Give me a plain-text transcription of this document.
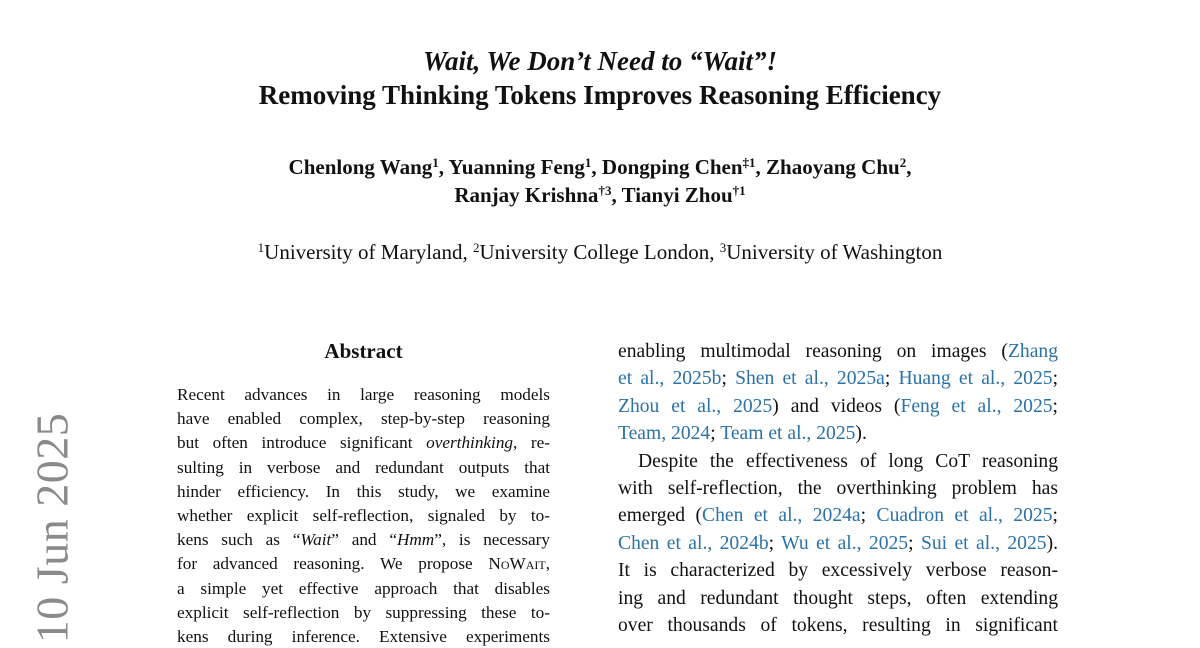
10 Jun 2025
Wait, We Don’t Need to “Wait”!
Removing Thinking Tokens Improves Reasoning Efficiency
Chenlong Wang$^1$, Yuanning Feng$^1$, Dongping Chen$^{\ddagger 1}$, Zhaoyang Chu$^2$,
Ranjay Krishna$^{\dagger 3}$, Tianyi Zhou$^{\dagger 1}$
$^1$University of Maryland, $^2$University College London, $^3$University of Washington
Abstract
Recent advances in large reasoning models
have enabled complex, step-by-step reasoning
but often introduce significant overthinking, re-
sulting in verbose and redundant outputs that
hinder efficiency. In this study, we examine
whether explicit self-reflection, signaled by to-
kens such as “Wait” and “Hmm”, is necessary
for advanced reasoning. We propose NoWait,
a simple yet effective approach that disables
explicit self-reflection by suppressing these to-
kens during inference. Extensive experiments
enabling multimodal reasoning on images (Zhang
et al., 2025b; Shen et al., 2025a; Huang et al., 2025;
Zhou et al., 2025) and videos (Feng et al., 2025;
Team, 2024; Team et al., 2025).
Despite the effectiveness of long CoT reasoning
with self-reflection, the overthinking problem has
emerged (Chen et al., 2024a; Cuadron et al., 2025;
Chen et al., 2024b; Wu et al., 2025; Sui et al., 2025).
It is characterized by excessively verbose reason-
ing and redundant thought steps, often extending
over thousands of tokens, resulting in significant
